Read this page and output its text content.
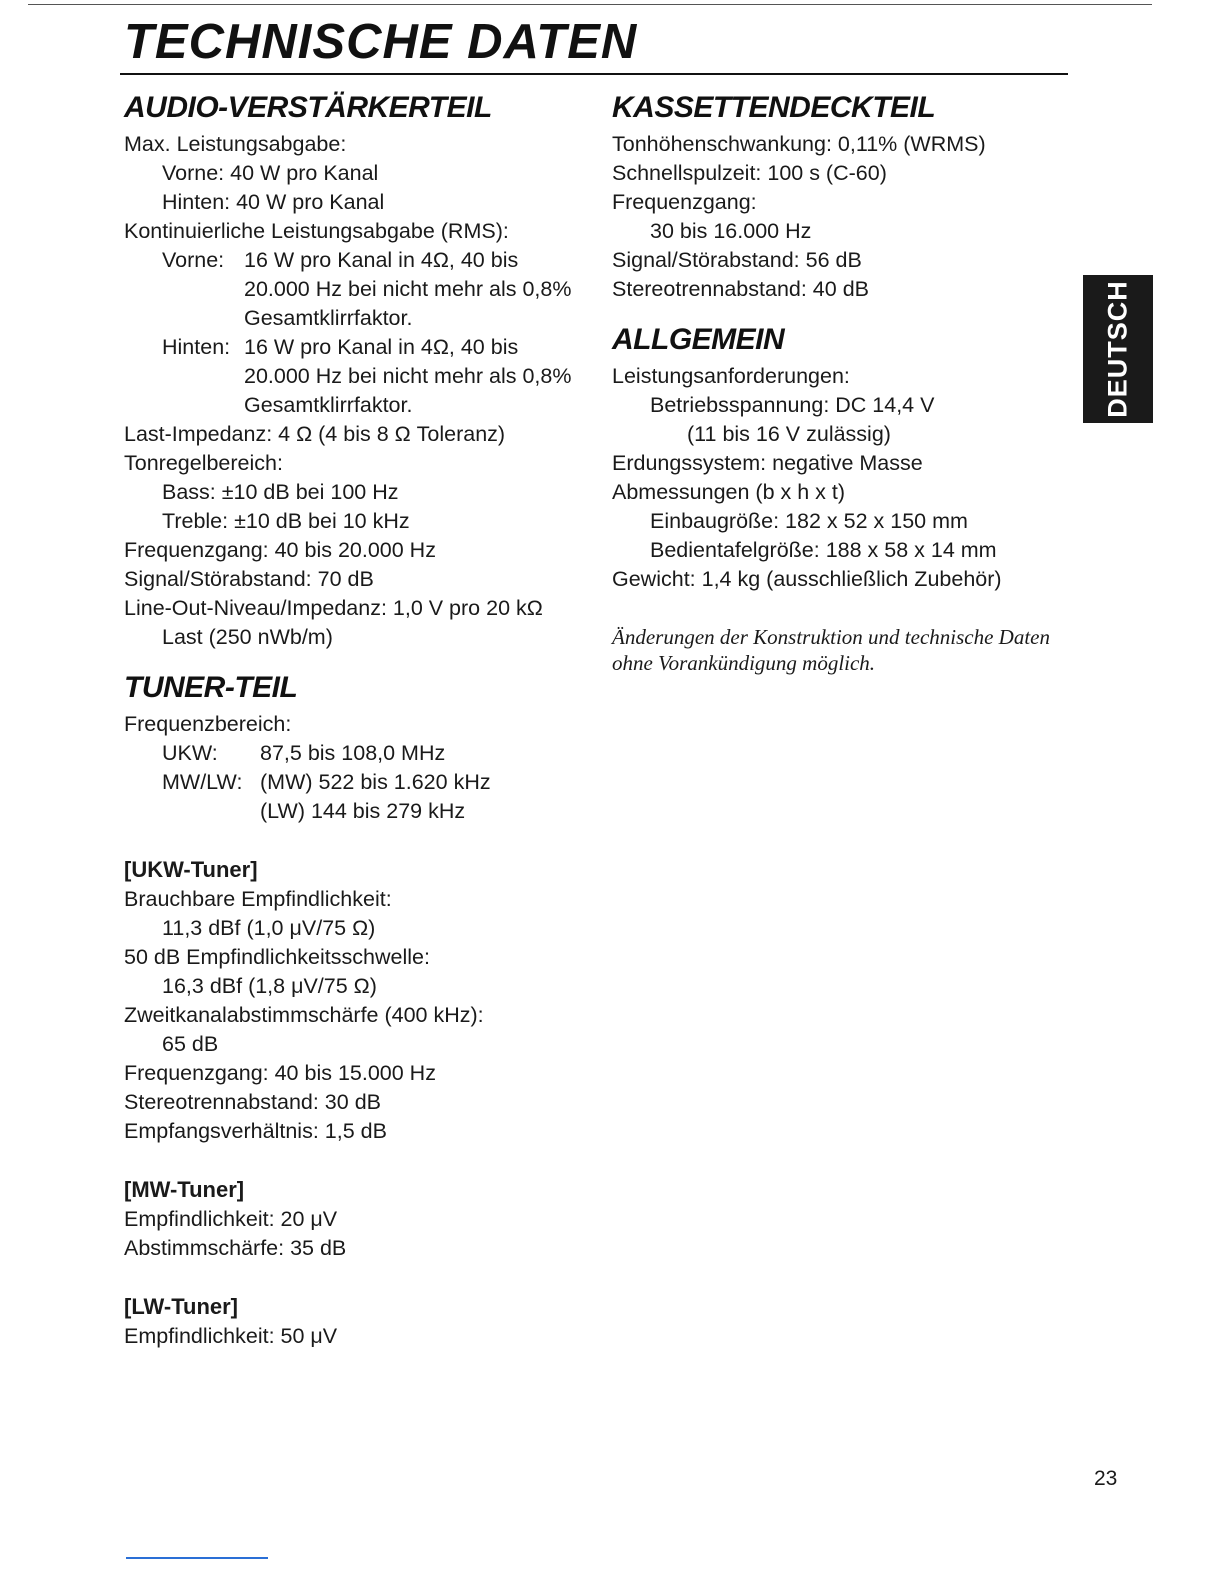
TECHNISCHE DATEN
AUDIO-VERSTÄRKERTEIL
Max. Leistungsabgabe:
Vorne: 40 W pro Kanal
Hinten: 40 W pro Kanal
Kontinuierliche Leistungsabgabe (RMS):
Vorne: 16 W pro Kanal in 4Ω, 40 bis
20.000 Hz bei nicht mehr als 0,8%
Gesamtklirrfaktor.
Hinten: 16 W pro Kanal in 4Ω, 40 bis
20.000 Hz bei nicht mehr als 0,8%
Gesamtklirrfaktor.
Last-Impedanz: 4 Ω (4 bis 8 Ω Toleranz)
Tonregelbereich:
Bass: ±10 dB bei 100 Hz
Treble: ±10 dB bei 10 kHz
Frequenzgang: 40 bis 20.000 Hz
Signal/Störabstand: 70 dB
Line-Out-Niveau/Impedanz: 1,0 V pro 20 kΩ
Last (250 nWb/m)
TUNER-TEIL
Frequenzbereich:
UKW:	87,5 bis 108,0 MHz
MW/LW: (MW) 522 bis 1.620 kHz
(LW) 144 bis 279 kHz
[UKW-Tuner]
Brauchbare Empfindlichkeit:
11,3 dBf (1,0 μV/75 Ω)
50 dB Empfindlichkeitsschwelle:
16,3 dBf (1,8 μV/75 Ω)
Zweitkanalabstimmschärfe (400 kHz):
65 dB
Frequenzgang: 40 bis 15.000 Hz
Stereotrennabstand: 30 dB
Empfangsverhältnis: 1,5 dB
[MW-Tuner]
Empfindlichkeit: 20 μV
Abstimmschärfe: 35 dB
[LW-Tuner]
Empfindlichkeit: 50 μV
KASSETTENDECKTEIL
Tonhöhenschwankung: 0,11% (WRMS)
Schnellspulzeit: 100 s (C-60)
Frequenzgang:
30 bis 16.000 Hz
Signal/Störabstand: 56 dB
Stereotrennabstand: 40 dB
ALLGEMEIN
Leistungsanforderungen:
Betriebsspannung: DC 14,4 V
(11 bis 16 V zulässig)
Erdungssystem: negative Masse
Abmessungen (b x h x t)
Einbaugröße: 182 x 52 x 150 mm
Bedientafelgröße: 188 x 58 x 14 mm
Gewicht: 1,4 kg (ausschließlich Zubehör)
Änderungen der Konstruktion und technische Daten ohne Vorankündigung möglich.
DEUTSCH
23
